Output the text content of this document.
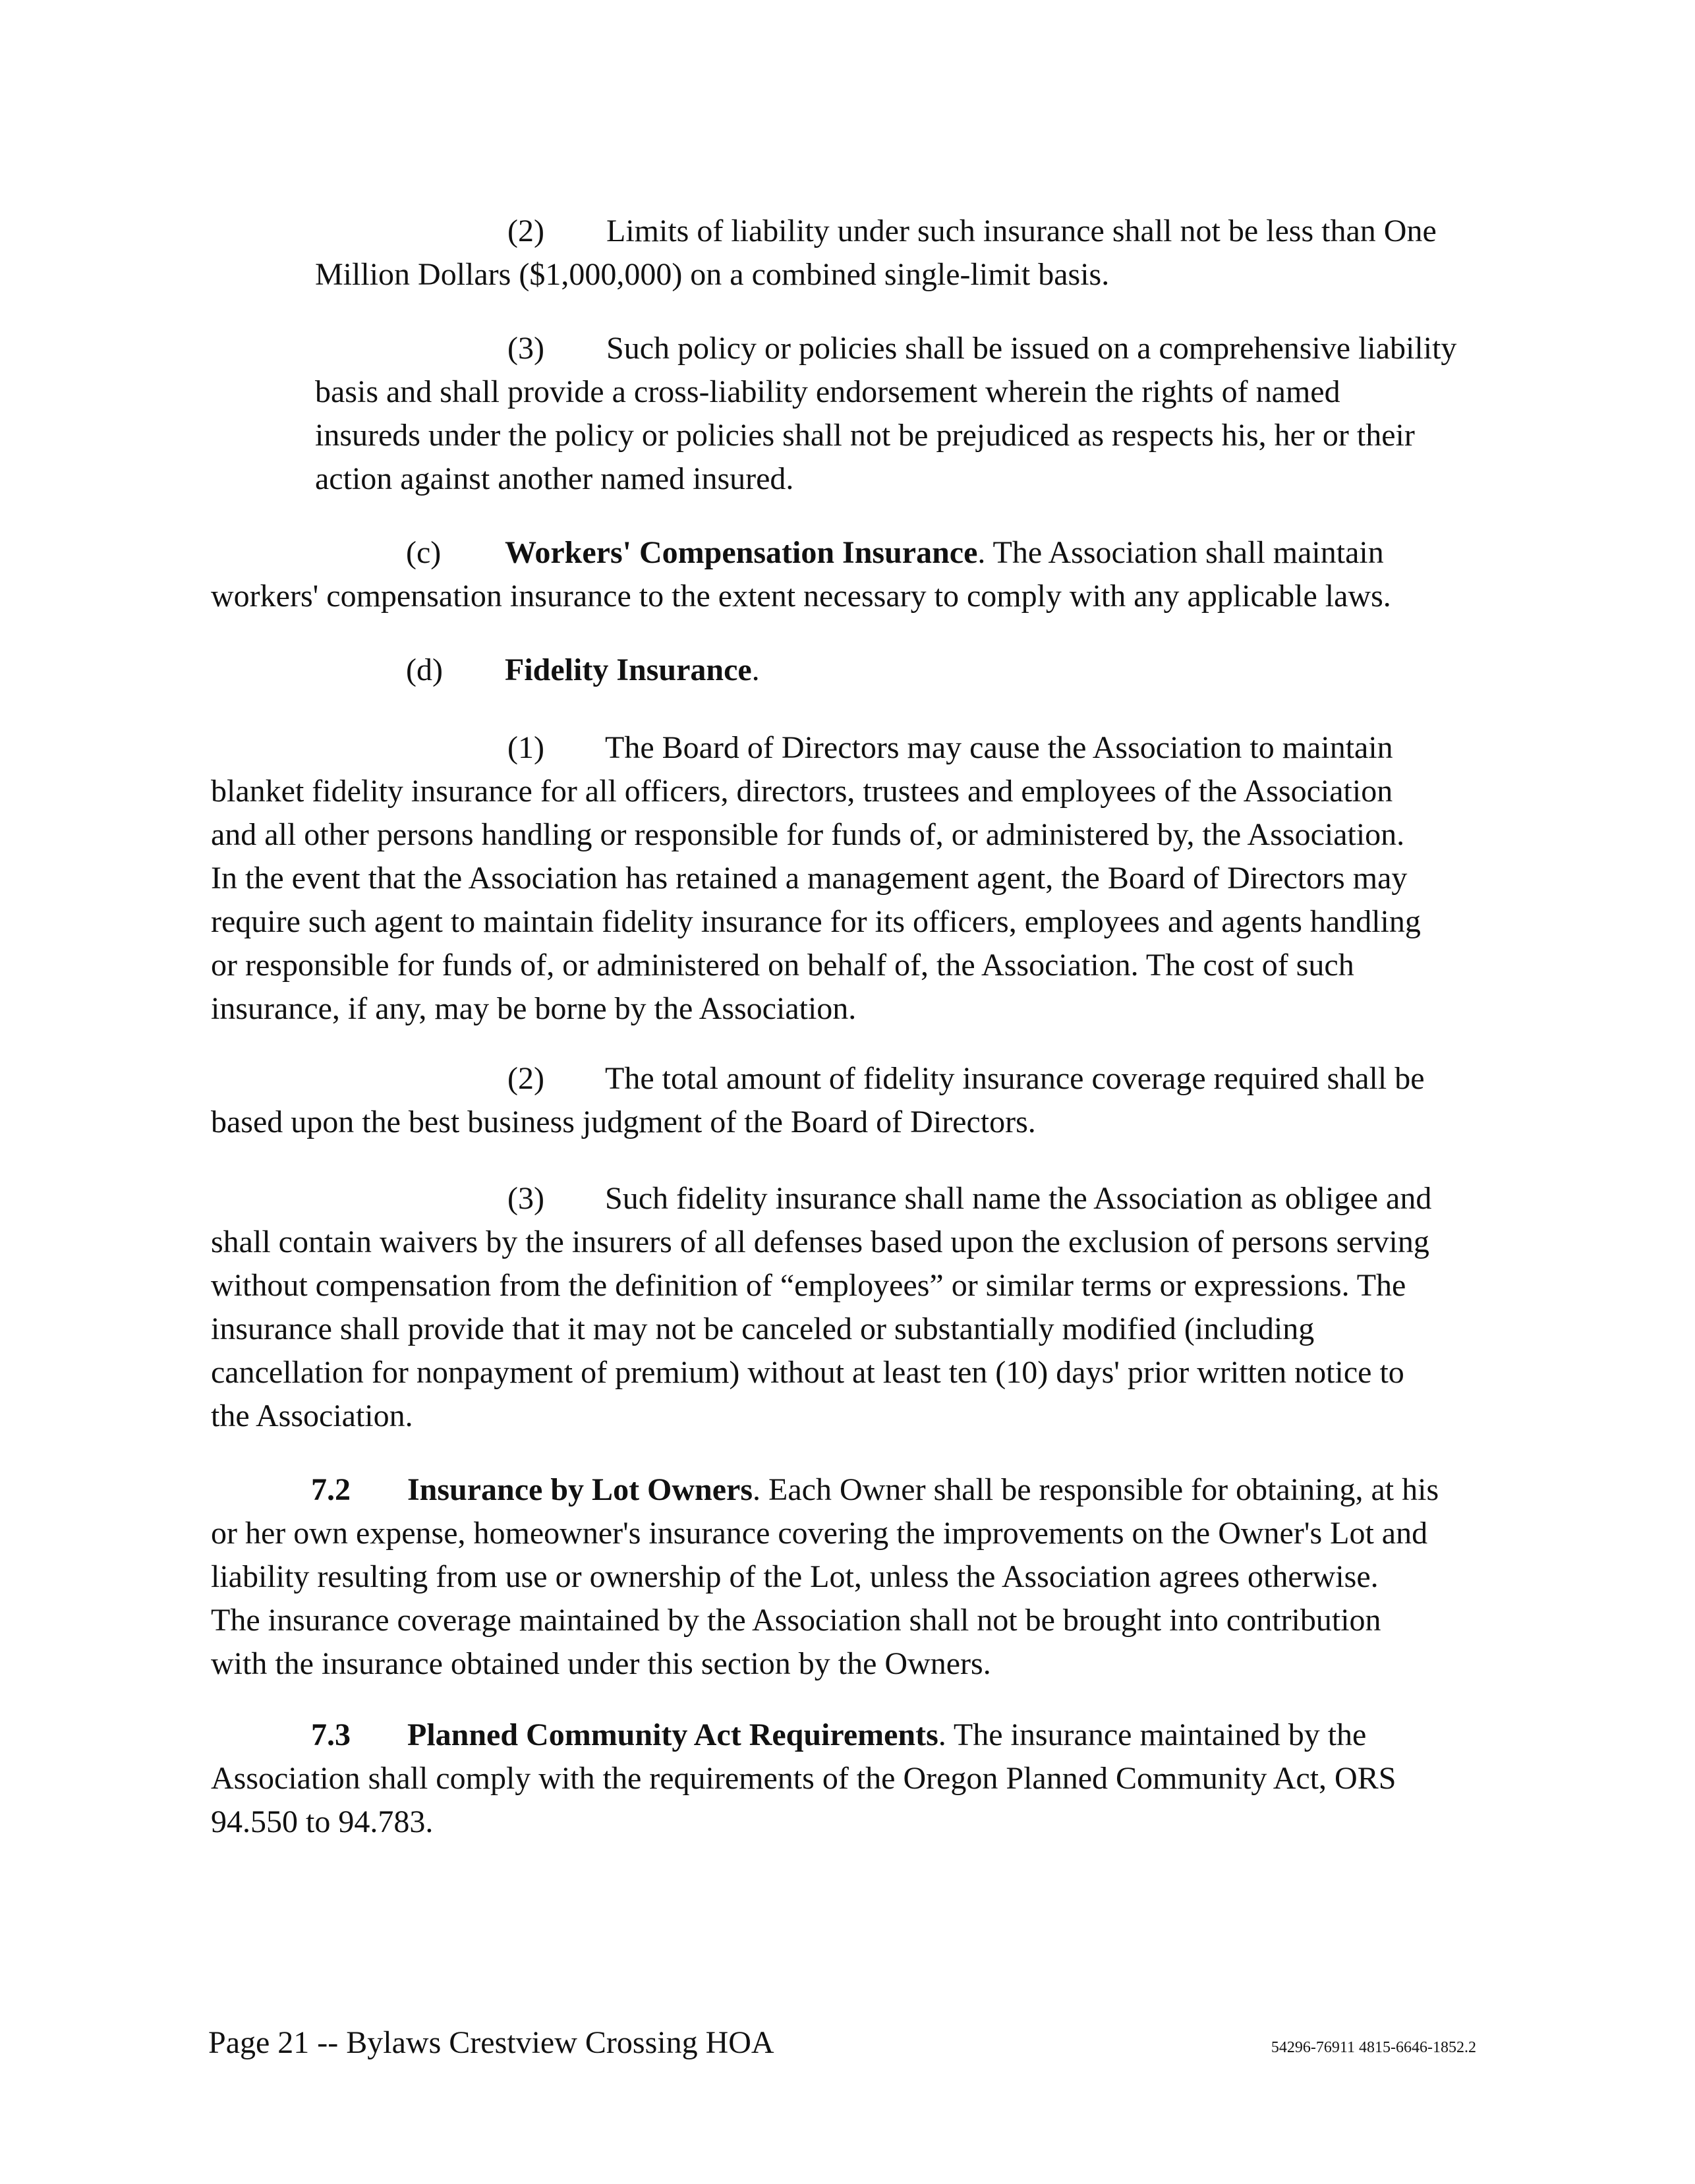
(2) Limits of liability under such insurance shall not be less than One
Million Dollars ($1,000,000) on a combined single-limit basis.
(3) Such policy or policies shall be issued on a comprehensive liability
basis and shall provide a cross-liability endorsement wherein the rights of named
insureds under the policy or policies shall not be prejudiced as respects his, her or their
action against another named insured.
(c) Workers' Compensation Insurance. The Association shall maintain
workers' compensation insurance to the extent necessary to comply with any applicable laws.
(d) Fidelity Insurance.
(1) The Board of Directors may cause the Association to maintain
blanket fidelity insurance for all officers, directors, trustees and employees of the Association
and all other persons handling or responsible for funds of, or administered by, the Association.
In the event that the Association has retained a management agent, the Board of Directors may
require such agent to maintain fidelity insurance for its officers, employees and agents handling
or responsible for funds of, or administered on behalf of, the Association. The cost of such
insurance, if any, may be borne by the Association.
(2) The total amount of fidelity insurance coverage required shall be
based upon the best business judgment of the Board of Directors.
(3) Such fidelity insurance shall name the Association as obligee and
shall contain waivers by the insurers of all defenses based upon the exclusion of persons serving
without compensation from the definition of “employees” or similar terms or expressions. The
insurance shall provide that it may not be canceled or substantially modified (including
cancellation for nonpayment of premium) without at least ten (10) days' prior written notice to
the Association.
7.2 Insurance by Lot Owners. Each Owner shall be responsible for obtaining, at his
or her own expense, homeowner's insurance covering the improvements on the Owner's Lot and
liability resulting from use or ownership of the Lot, unless the Association agrees otherwise.
The insurance coverage maintained by the Association shall not be brought into contribution
with the insurance obtained under this section by the Owners.
7.3 Planned Community Act Requirements. The insurance maintained by the
Association shall comply with the requirements of the Oregon Planned Community Act, ORS
94.550 to 94.783.
Page 21 -- Bylaws Crestview Crossing HOA	54296-76911 4815-6646-1852.2
